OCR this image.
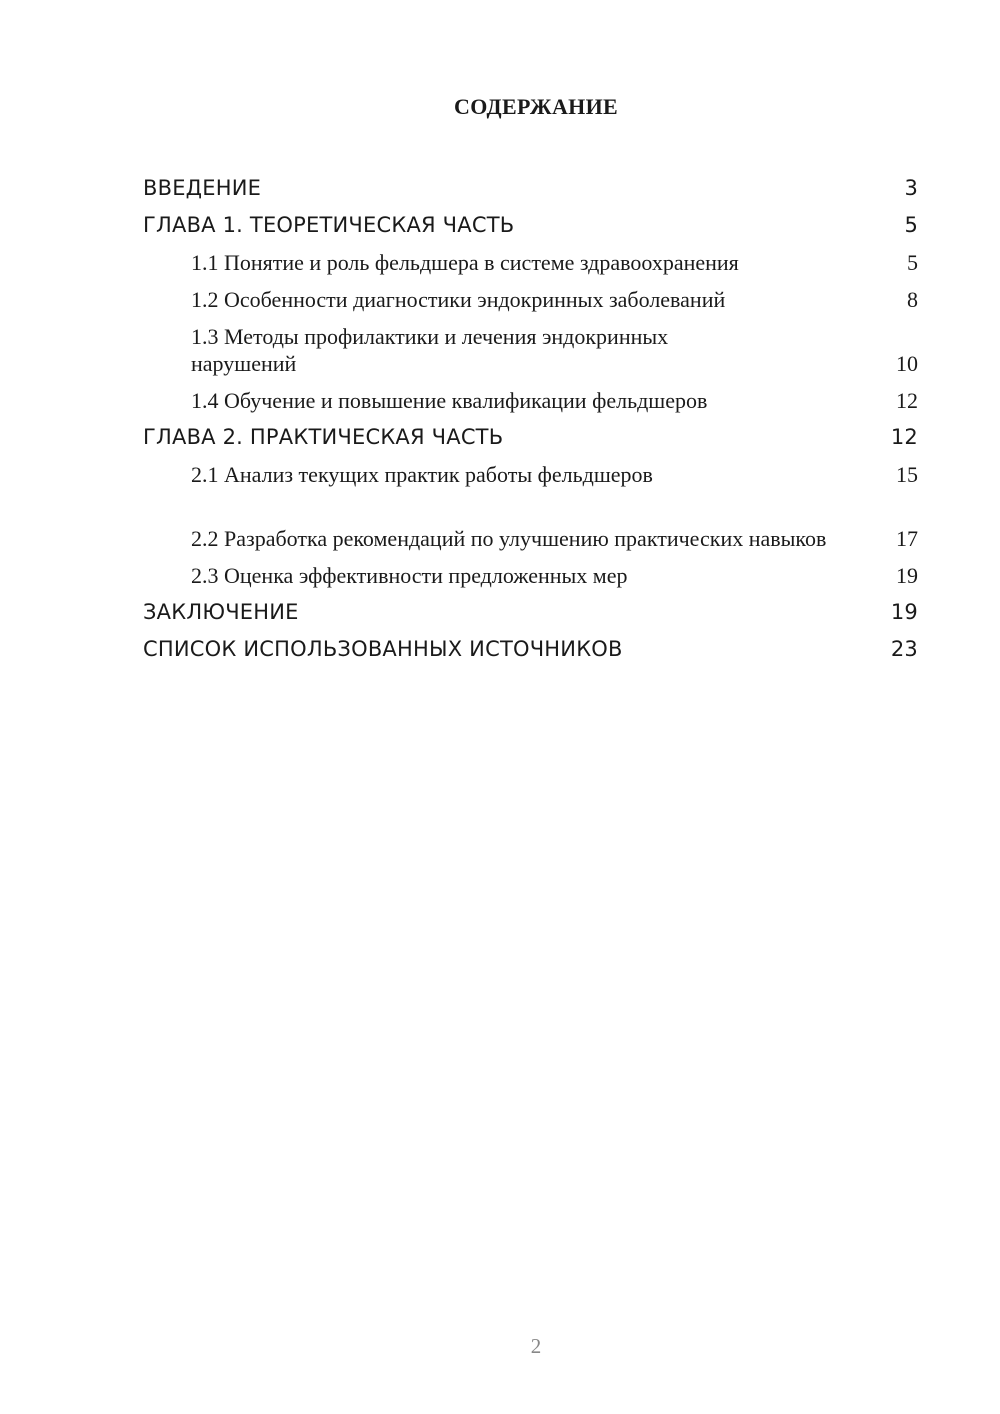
СОДЕРЖАНИЕ
ВВЕДЕНИЕ	3
ГЛАВА 1. ТЕОРЕТИЧЕСКАЯ ЧАСТЬ	5
1.1 Понятие и роль фельдшера в системе здравоохранения	5
1.2 Особенности диагностики эндокринных заболеваний	8
1.3 Методы профилактики и лечения эндокринных нарушений	10
1.4 Обучение и повышение квалификации фельдшеров	12
ГЛАВА 2. ПРАКТИЧЕСКАЯ ЧАСТЬ	12
2.1 Анализ текущих практик работы фельдшеров	15
2.2 Разработка рекомендаций по улучшению практических навыков	17
2.3 Оценка эффективности предложенных мер	19
ЗАКЛЮЧЕНИЕ	19
СПИСОК ИСПОЛЬЗОВАННЫХ ИСТОЧНИКОВ	23
2
